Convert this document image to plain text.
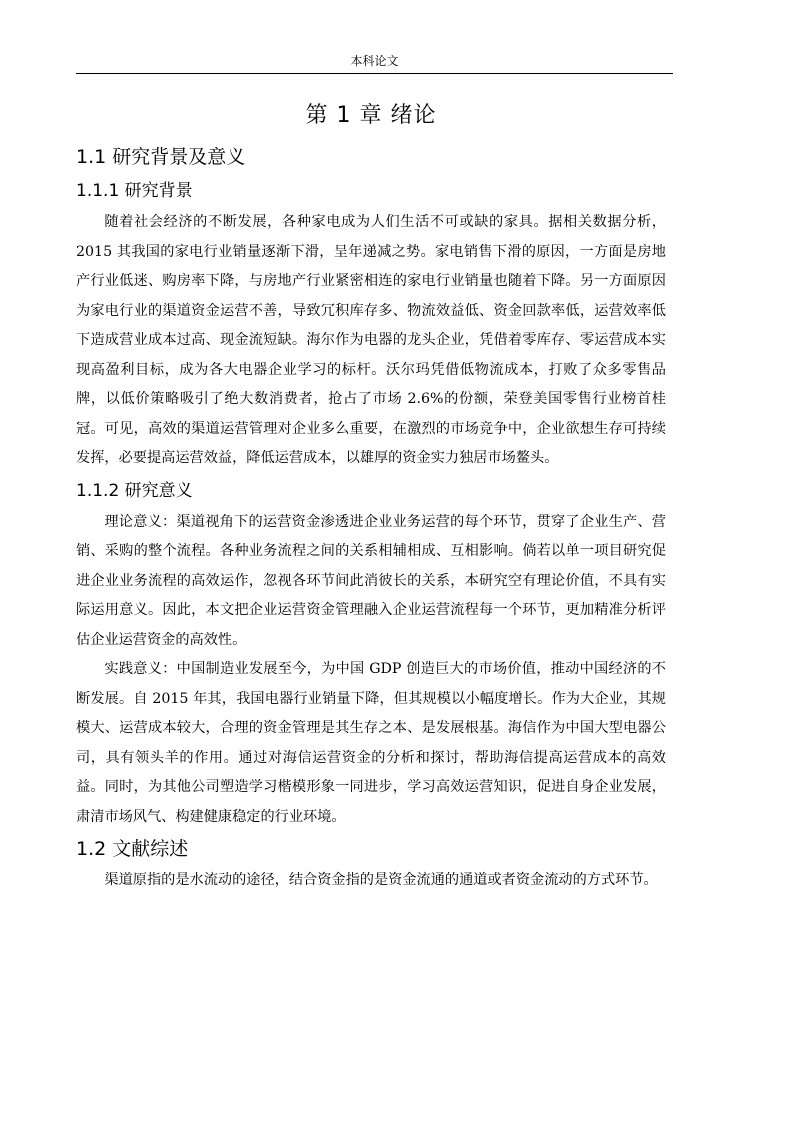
本科论文
第 1 章 绪论
1.1 研究背景及意义
1.1.1 研究背景

随着社会经济的不断发展，各种家电成为人们生活不可或缺的家具。据相关数据分析，2015 其我国的家电行业销量逐渐下滑，呈年递减之势。家电销售下滑的原因，一方面是房地产行业低迷、购房率下降，与房地产行业紧密相连的家电行业销量也随着下降。另一方面原因为家电行业的渠道资金运营不善，导致冗积库存多、物流效益低、资金回款率低，运营效率低下造成营业成本过高、现金流短缺。海尔作为电器的龙头企业，凭借着零库存、零运营成本实现高盈利目标，成为各大电器企业学习的标杆。沃尔玛凭借低物流成本，打败了众多零售品牌，以低价策略吸引了绝大数消费者，抢占了市场 2.6%的份额，荣登美国零售行业榜首桂冠。可见，高效的渠道运营管理对企业多么重要，在激烈的市场竞争中，企业欲想生存可持续发挥，必要提高运营效益，降低运营成本，以雄厚的资金实力独居市场鳌头。

1.1.2 研究意义

理论意义：渠道视角下的运营资金渗透进企业业务运营的每个环节，贯穿了企业生产、营销、采购的整个流程。各种业务流程之间的关系相辅相成、互相影响。倘若以单一项目研究促进企业业务流程的高效运作，忽视各环节间此消彼长的关系，本研究空有理论价值，不具有实际运用意义。因此，本文把企业运营资金管理融入企业运营流程每一个环节，更加精准分析评估企业运营资金的高效性。

实践意义：中国制造业发展至今，为中国 GDP 创造巨大的市场价值，推动中国经济的不断发展。自 2015 年其，我国电器行业销量下降，但其规模以小幅度增长。作为大企业，其规模大、运营成本较大，合理的资金管理是其生存之本、是发展根基。海信作为中国大型电器公司，具有领头羊的作用。通过对海信运营资金的分析和探讨，帮助海信提高运营成本的高效益。同时，为其他公司塑造学习楷模形象一同进步，学习高效运营知识，促进自身企业发展，肃清市场风气、构建健康稳定的行业环境。

1.2 文献综述

渠道原指的是水流动的途径，结合资金指的是资金流通的通道或者资金流动的方式环节。
